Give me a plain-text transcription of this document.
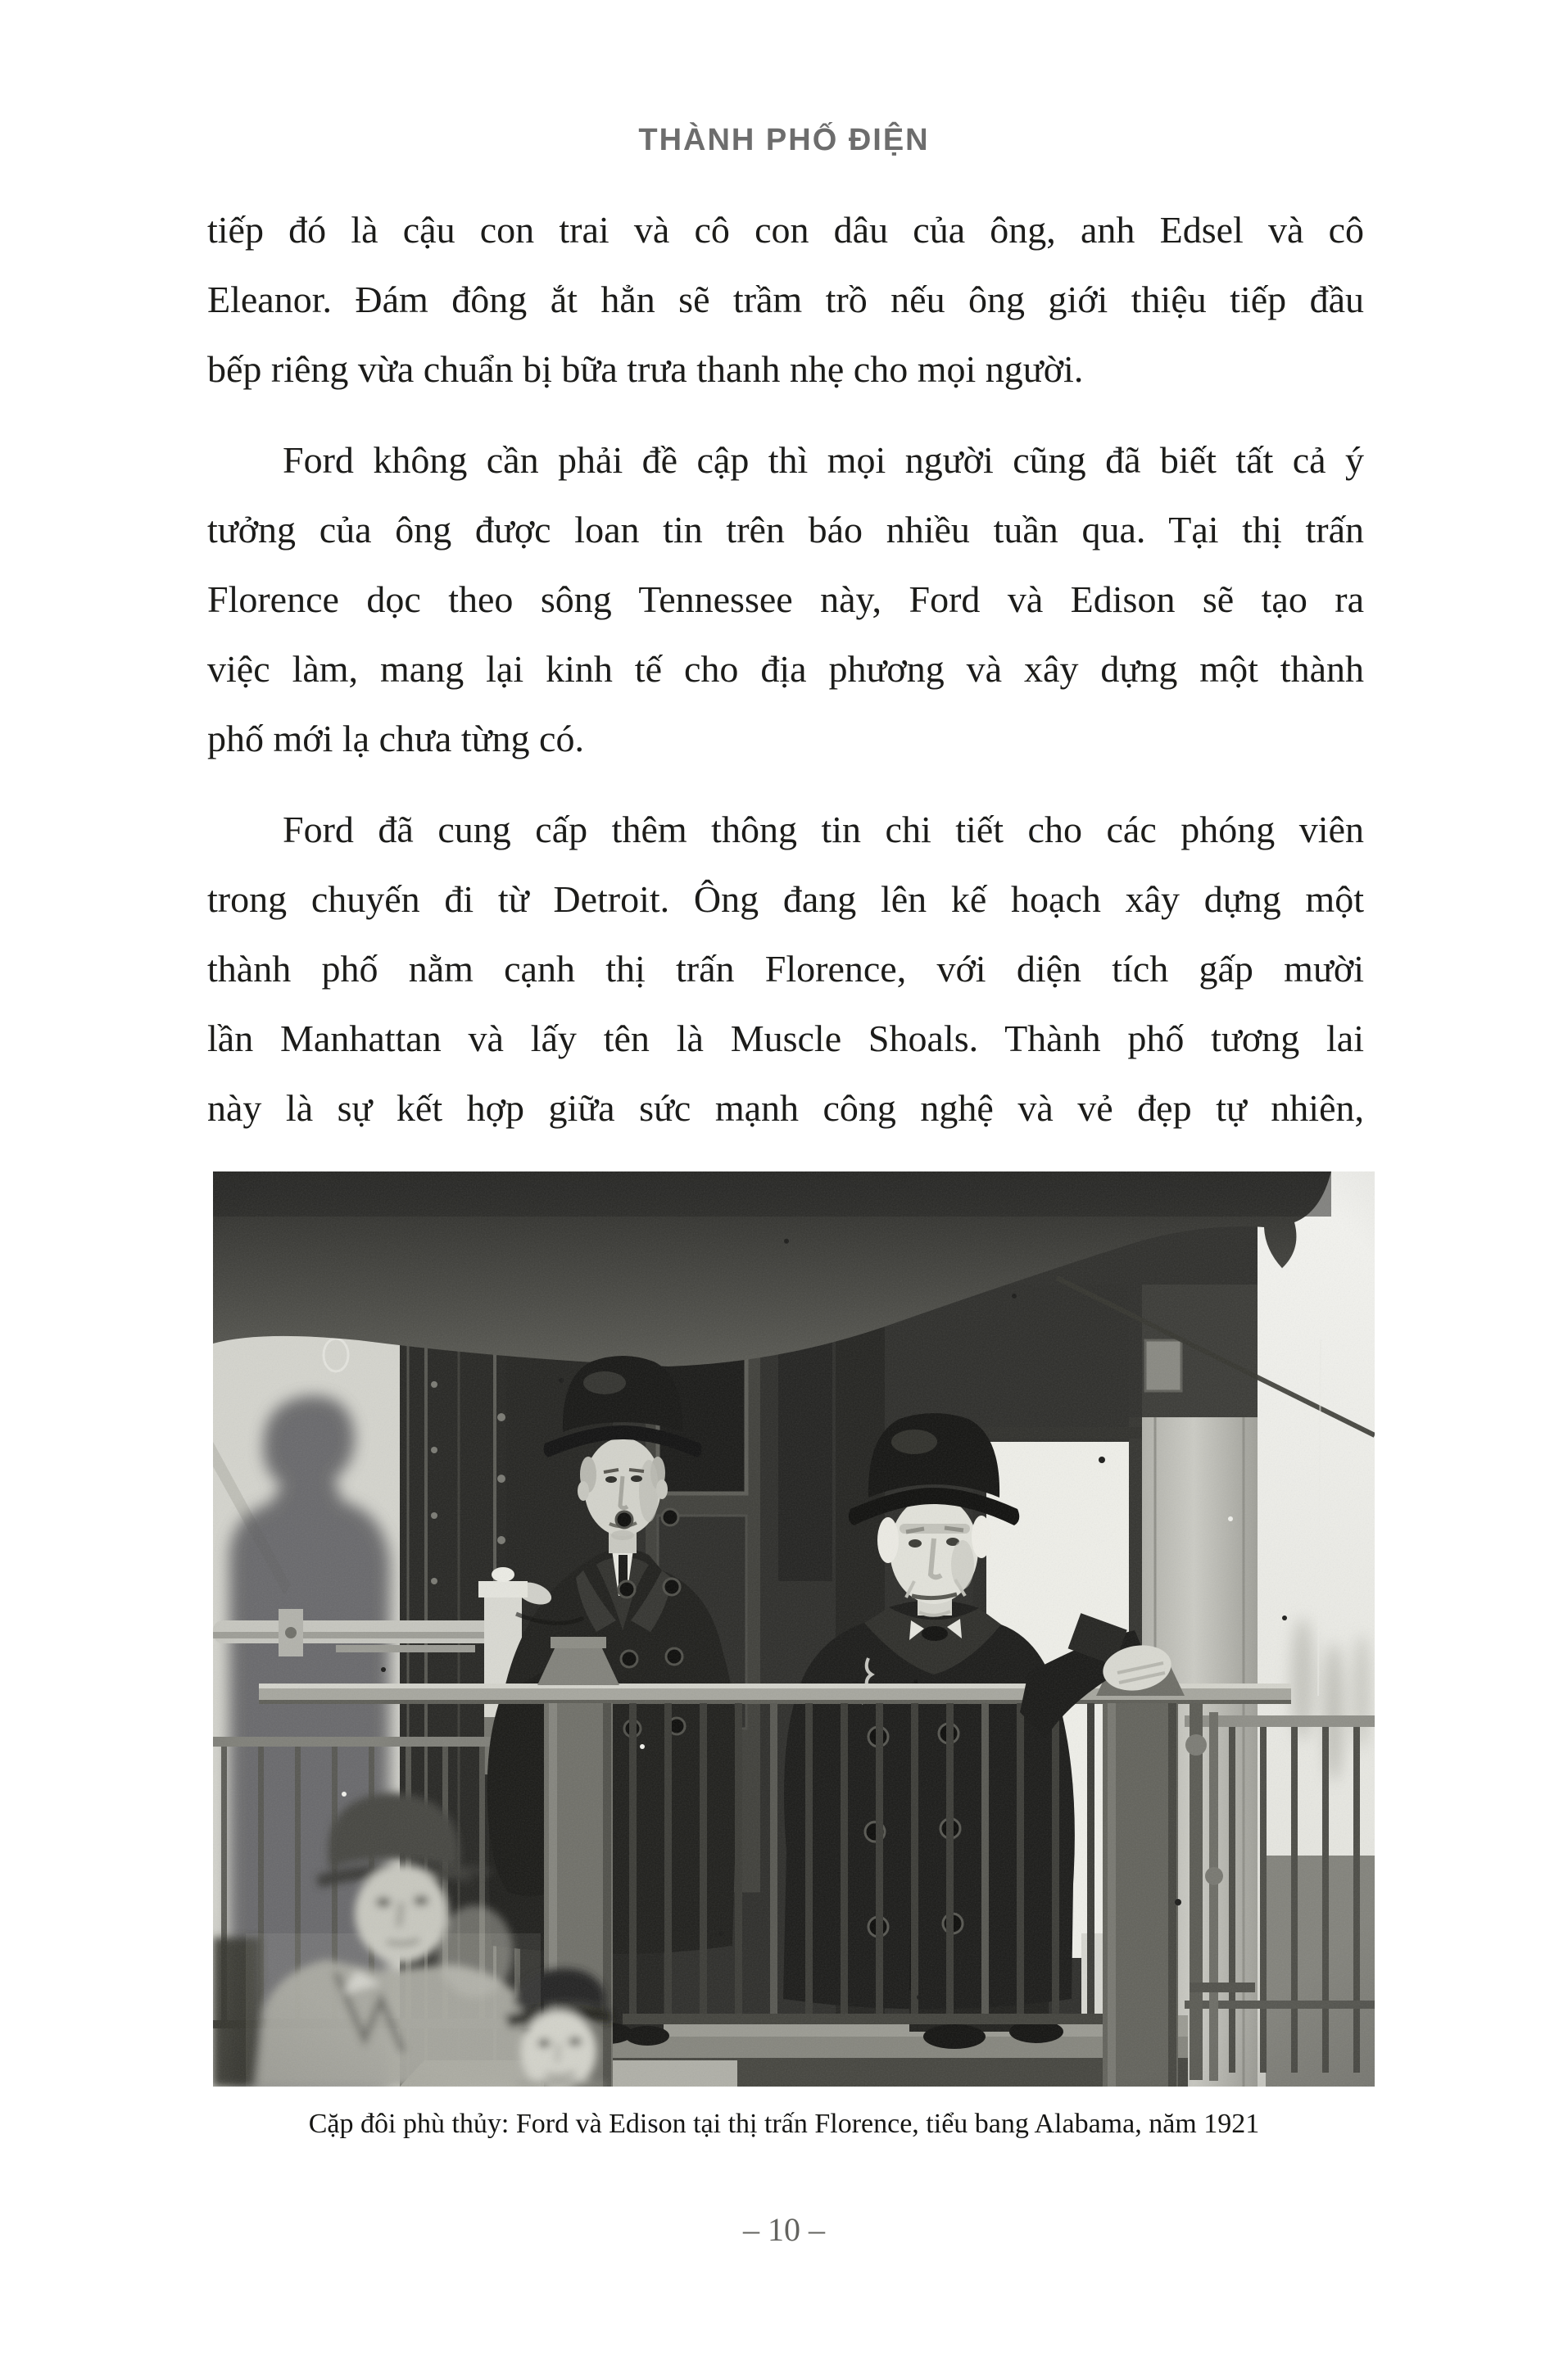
THÀNH PHỐ ĐIỆN
tiếp đó là cậu con trai và cô con dâu của ông, anh Edsel và cô
Eleanor. Đám đông ắt hẳn sẽ trầm trồ nếu ông giới thiệu tiếp đầu
bếp riêng vừa chuẩn bị bữa trưa thanh nhẹ cho mọi người.
Ford không cần phải đề cập thì mọi người cũng đã biết tất cả ý
tưởng của ông được loan tin trên báo nhiều tuần qua. Tại thị trấn
Florence dọc theo sông Tennessee này, Ford và Edison sẽ tạo ra
việc làm, mang lại kinh tế cho địa phương và xây dựng một thành
phố mới lạ chưa từng có.
Ford đã cung cấp thêm thông tin chi tiết cho các phóng viên
trong chuyến đi từ Detroit. Ông đang lên kế hoạch xây dựng một
thành phố nằm cạnh thị trấn Florence, với diện tích gấp mười
lần Manhattan và lấy tên là Muscle Shoals. Thành phố tương lai
này là sự kết hợp giữa sức mạnh công nghệ và vẻ đẹp tự nhiên,
Cặp đôi phù thủy: Ford và Edison tại thị trấn Florence, tiểu bang Alabama, năm 1921
– 10 –
